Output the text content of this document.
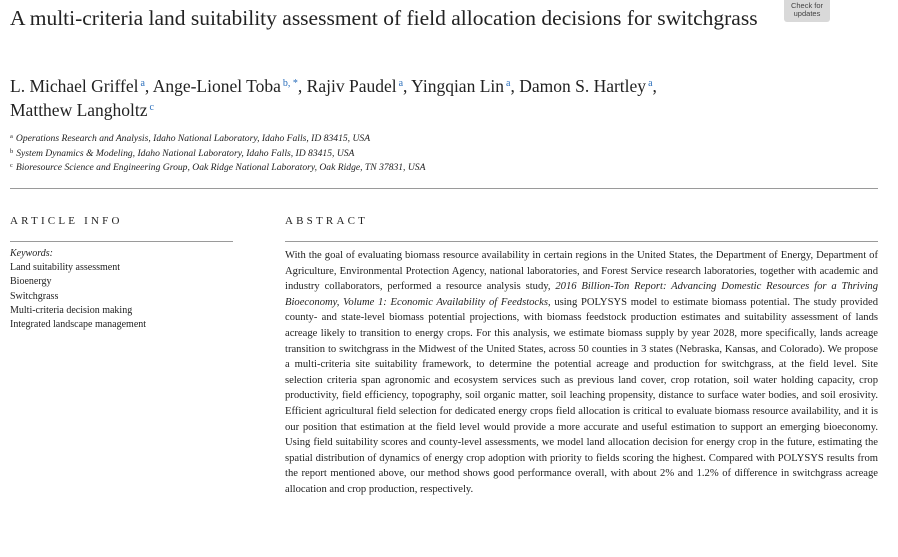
A multi-criteria land suitability assessment of field allocation decisions for switchgrass
Check for
updates
L. Michael Griffel $^a$, Ange-Lionel Toba $^{b, *}$, Rajiv Paudel $^a$, Yingqian Lin $^a$, Damon S. Hartley $^a$,
Matthew Langholtz $^c$
$^a$ Operations Research and Analysis, Idaho National Laboratory, Idaho Falls, ID 83415, USA
$^b$ System Dynamics & Modeling, Idaho National Laboratory, Idaho Falls, ID 83415, USA
$^c$ Bioresource Science and Engineering Group, Oak Ridge National Laboratory, Oak Ridge, TN 37831, USA
ARTICLE INFO	ABSTRACT
Keywords:
Land suitability assessment
Bioenergy
Switchgrass
Multi-criteria decision making
Integrated landscape management
With the goal of evaluating biomass resource availability in certain regions in the United States, the Department of Energy, Department of Agriculture, Environmental Protection Agency, national laboratories, and Forest Service research laboratories, together with academic and industry collaborators, performed a resource analysis study, 2016 Billion-Ton Report: Advancing Domestic Resources for a Thriving Bioeconomy, Volume 1: Economic Availability of Feedstocks, using POLYSYS model to estimate biomass potential. The study provided county- and state-level biomass potential projections, with biomass feedstock production estimates and suitability assessment of lands acreage likely to transition to energy crops. For this analysis, we estimate biomass supply by year 2028, more specifically, lands acreage transition to switchgrass in the Midwest of the United States, across 50 counties in 3 states (Nebraska, Kansas, and Colorado). We propose a multi-criteria site suitability framework, to determine the potential acreage and production for switchgrass, at the field level. Site selection criteria span agronomic and ecosystem services such as previous land cover, crop rotation, soil water holding capacity, crop productivity, field efficiency, topography, soil organic matter, soil leaching propensity, distance to surface water bodies, and soil erosivity. Efficient agricultural field selection for dedicated energy crops field allocation is critical to evaluate biomass resource availability, and it is our position that estimation at the field level would provide a more accurate and useful estimation to support an emerging bioeconomy. Using field suitability scores and county-level assessments, we model land allocation decision for energy crop in the future, estimating the spatial distribution of dynamics of energy crop adoption with priority to fields scoring the highest. Compared with POLYSYS results from the report mentioned above, our method shows good performance overall, with about 2% and 1.2% of difference in switchgrass acreage allocation and crop production, respectively.
